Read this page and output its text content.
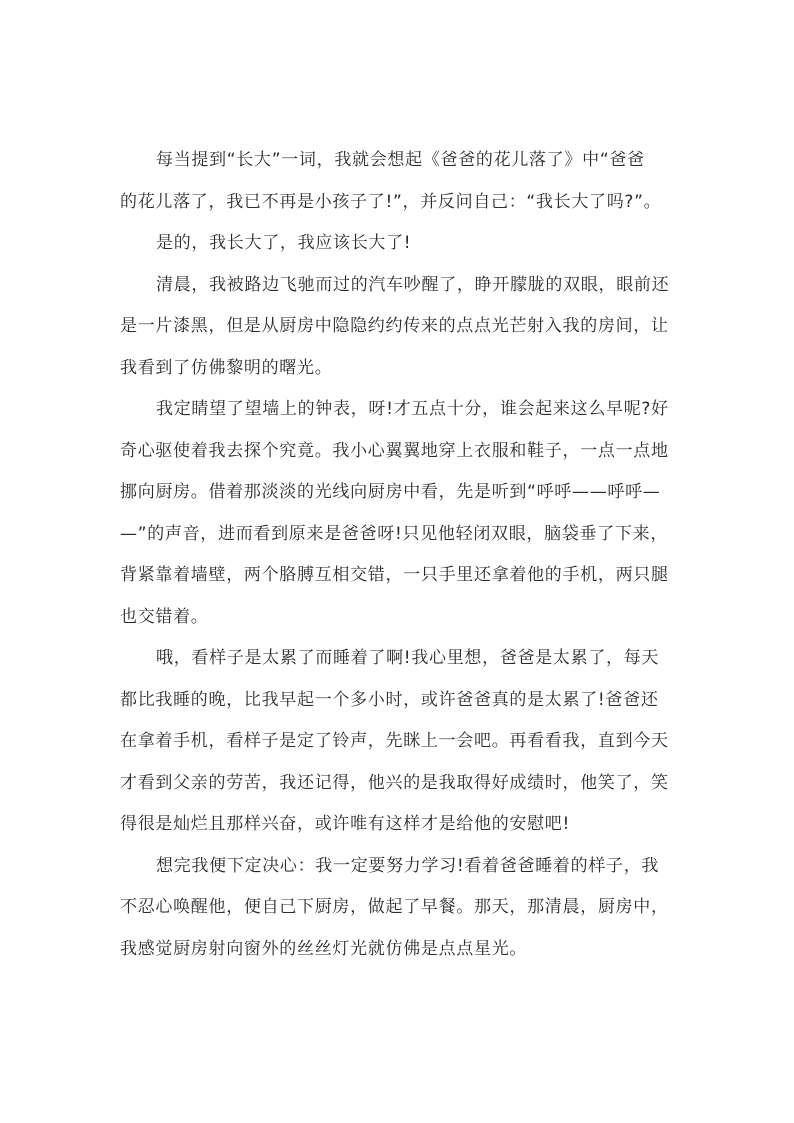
每当提到“长大”一词，我就会想起《爸爸的花儿落了》中“爸爸
的花儿落了，我已不再是小孩子了!”，并反问自己：“我长大了吗?”。
是的，我长大了，我应该长大了!
清晨，我被路边飞驰而过的汽车吵醒了，睁开朦胧的双眼，眼前还
是一片漆黑，但是从厨房中隐隐约约传来的点点光芒射入我的房间，让
我看到了仿佛黎明的曙光。
我定睛望了望墙上的钟表，呀!才五点十分，谁会起来这么早呢?好
奇心驱使着我去探个究竟。我小心翼翼地穿上衣服和鞋子，一点一点地
挪向厨房。借着那淡淡的光线向厨房中看，先是听到“呼呼——呼呼—
—”的声音，进而看到原来是爸爸呀!只见他轻闭双眼，脑袋垂了下来，
背紧靠着墙壁，两个胳膊互相交错，一只手里还拿着他的手机，两只腿
也交错着。
哦，看样子是太累了而睡着了啊!我心里想，爸爸是太累了，每天
都比我睡的晚，比我早起一个多小时，或许爸爸真的是太累了!爸爸还
在拿着手机，看样子是定了铃声，先眯上一会吧。再看看我，直到今天
才看到父亲的劳苦，我还记得，他兴的是我取得好成绩时，他笑了，笑
得很是灿烂且那样兴奋，或许唯有这样才是给他的安慰吧!
想完我便下定决心：我一定要努力学习!看着爸爸睡着的样子，我
不忍心唤醒他，便自己下厨房，做起了早餐。那天，那清晨，厨房中，
我感觉厨房射向窗外的丝丝灯光就仿佛是点点星光。
